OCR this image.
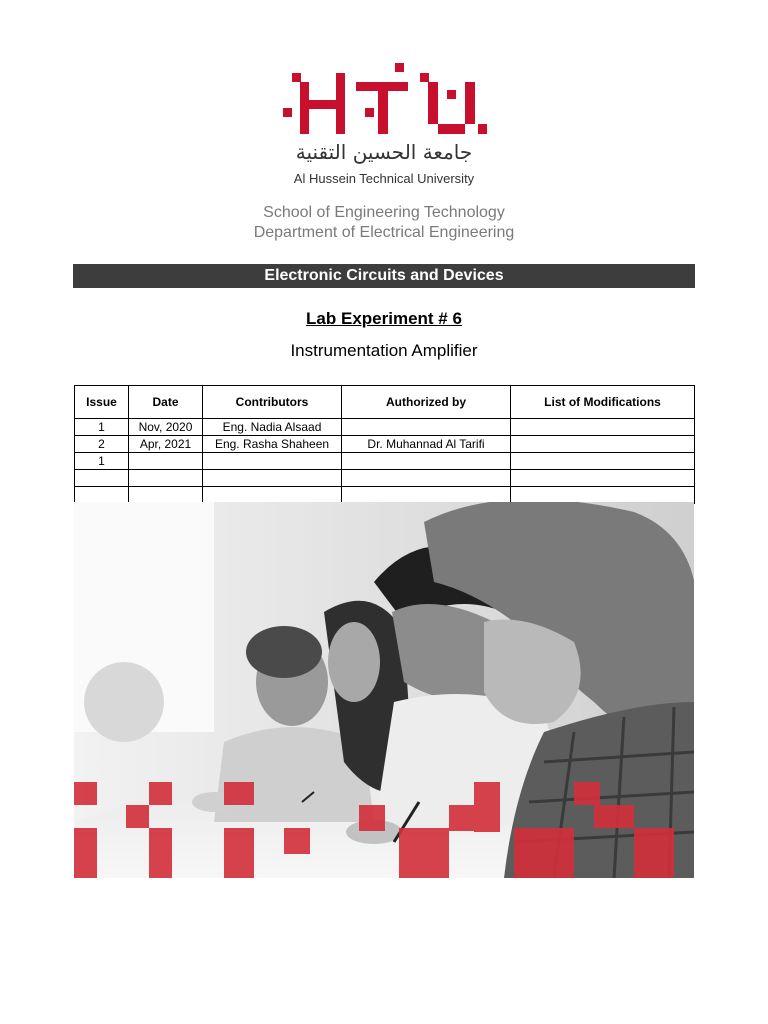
جامعة الحسين التقنية
Al Hussein Technical University
School of Engineering Technology
Department of Electrical Engineering
Electronic Circuits and Devices
Lab Experiment # 6
Instrumentation Amplifier
Issue	Date	Contributors	Authorized by	List of Modifications
1	Nov, 2020	Eng. Nadia Alsaad		
2	Apr, 2021	Eng. Rasha Shaheen	Dr. Muhannad Al Tarifi	
1				
